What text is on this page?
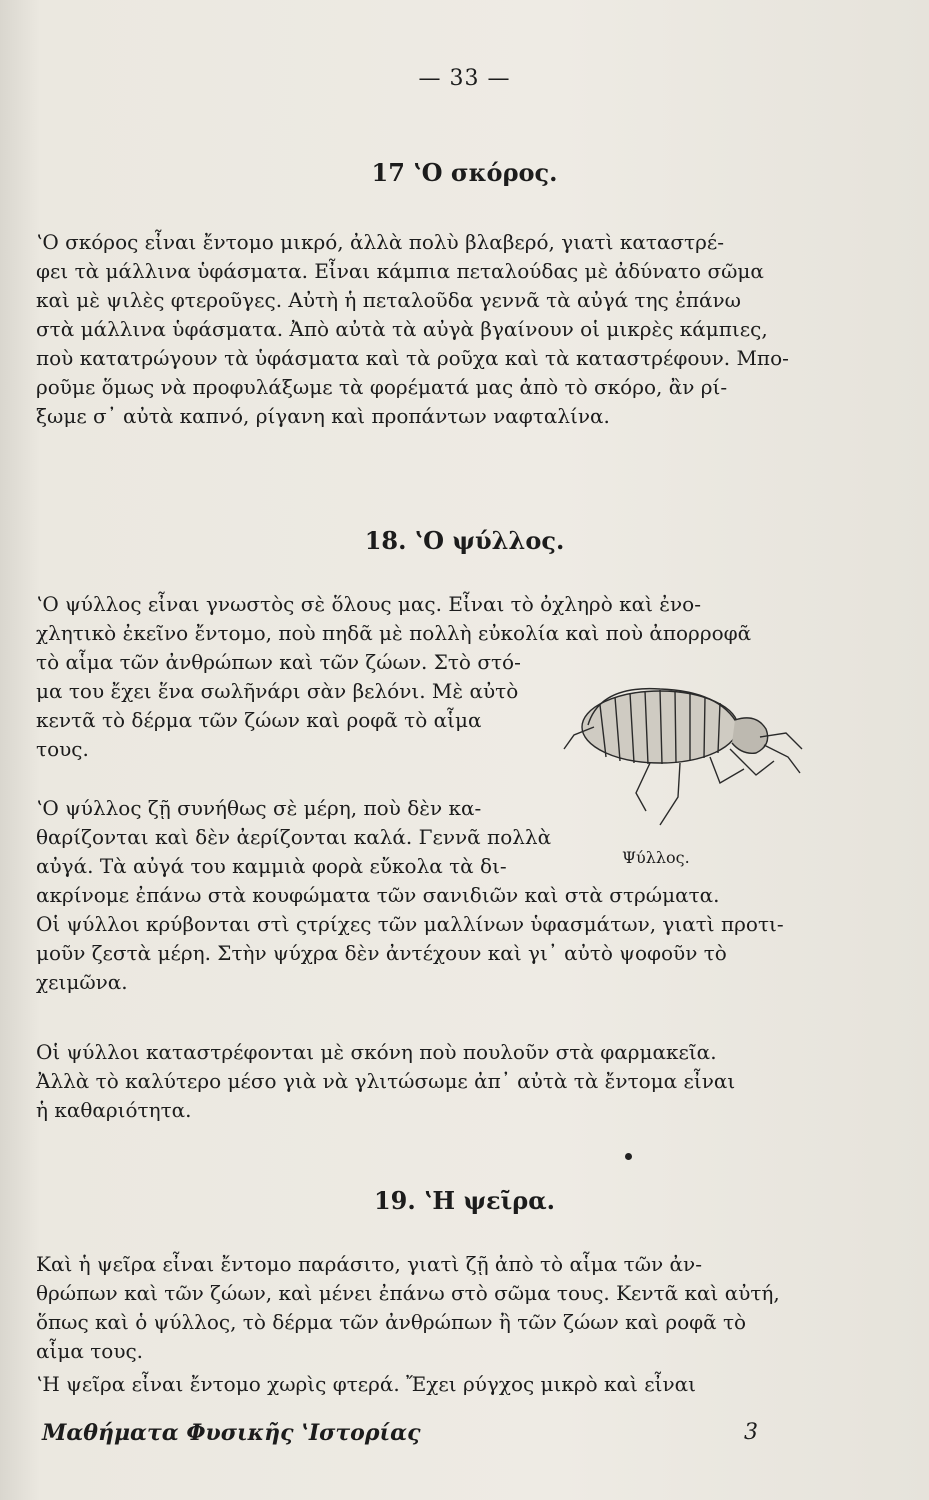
— 33 —
17 ʽΟ σκόρος.
ʽΟ σκόρος εἶναι ἔντομο μικρό, ἀλλὰ πολὺ βλαβερό, γιατὶ καταστρέ-
φει τὰ μάλλινα ὑφάσματα. Εἶναι κάμπια πεταλούδας μὲ ἀδύνατο σῶμα
καὶ μὲ ψιλὲς φτεροῦγες. Αὐτὴ ἡ πεταλοῦδα γεννᾶ τὰ αὐγά της ἐπάνω
στὰ μάλλινα ὑφάσματα. Ἀπὸ αὐτὰ τὰ αὐγὰ βγαίνουν οἱ μικρὲς κάμπιες,
ποὺ κατατρώγουν τὰ ὑφάσματα καὶ τὰ ροῦχα καὶ τὰ καταστρέφουν. Μπο-
ροῦμε ὅμως νὰ προφυλάξωμε τὰ φορέματά μας ἀπὸ τὸ σκόρο, ἂν ρί-
ξωμε σ᾿ αὐτὰ καπνό, ρίγανη καὶ προπάντων ναφταλίνα.
18. ʽΟ ψύλλος.
ʽΟ ψύλλος εἶναι γνωστὸς σὲ ὅλους μας. Εἶναι τὸ ὀχληρὸ καὶ ἐνο-
χλητικὸ ἐκεῖνο ἔντομο, ποὺ πηδᾶ μὲ πολλὴ εὐκολία καὶ ποὺ ἀπορροφᾶ
τὸ αἷμα τῶν ἀνθρώπων καὶ τῶν ζώων. Στὸ στό-
μα του ἔχει ἕνα σωλῆνάρι σὰν βελόνι. Μὲ αὐτὸ
κεντᾶ τὸ δέρμα τῶν ζώων καὶ ροφᾶ τὸ αἷμα
τους.
ʽΟ ψύλλος ζῇ συνήθως σὲ μέρη, ποὺ δὲν κα-
θαρίζονται καὶ δὲν ἀερίζονται καλά. Γεννᾶ πολλὰ
αὐγά. Τὰ αὐγά του καμμιὰ φορὰ εὔκολα τὰ δι-
ακρίνομε ἐπάνω στὰ κουφώματα τῶν σανιδιῶν καὶ στὰ στρώματα.
Οἱ ψύλλοι κρύβονται στὶ ςτρίχες τῶν μαλλίνων ὑφασμάτων, γιατὶ προτι-
μοῦν ζεστὰ μέρη. Στὴν ψύχρα δὲν ἀντέχουν καὶ γι᾿ αὐτὸ ψοφοῦν τὸ
χειμῶνα.
Οἱ ψύλλοι καταστρέφονται μὲ σκόνη ποὺ πουλοῦν στὰ φαρμακεῖα.
Ἀλλὰ τὸ καλύτερο μέσο γιὰ νὰ γλιτώσωμε ἀπ᾿ αὐτὰ τὰ ἔντομα εἶναι
ἡ καθαριότητα.
Ψύλλος.
19. ʽΗ ψεῖρα.
Καὶ ἡ ψεῖρα εἶναι ἔντομο παράσιτο, γιατὶ ζῇ ἀπὸ τὸ αἷμα τῶν ἀν-
θρώπων καὶ τῶν ζώων, καὶ μένει ἐπάνω στὸ σῶμα τους. Κεντᾶ καὶ αὐτή,
ὅπως καὶ ὁ ψύλλος, τὸ δέρμα τῶν ἀνθρώπων ἢ τῶν ζώων καὶ ροφᾶ τὸ
αἷμα τους.
ʽΗ ψεῖρα εἶναι ἔντομο χωρὶς φτερά. Ἔχει ρύγχος μικρὸ καὶ εἶναι
Μαθήματα Φυσικῆς ʽΙστορίας	3
